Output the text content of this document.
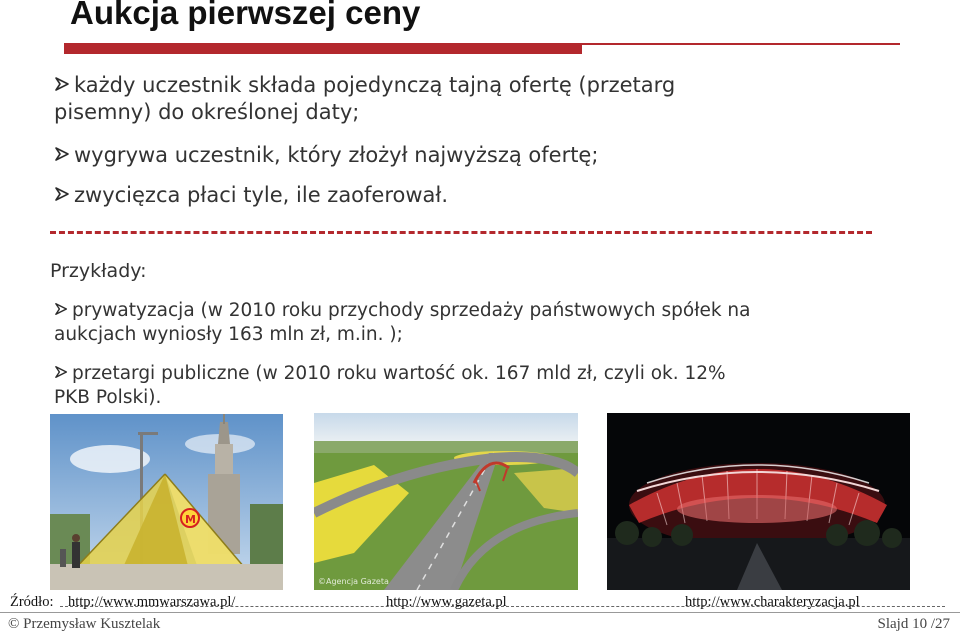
Aukcja pierwszej ceny
każdy uczestnik składa pojedynczą tajną ofertę (przetarg
pisemny) do określonej daty;
wygrywa uczestnik, który złożył najwyższą ofertę;
zwycięzca płaci tyle, ile zaoferował.
Przykłady:
prywatyzacja (w 2010 roku przychody sprzedaży państwowych spółek na
aukcjach wyniosły 163 mln zł, m.in. );
przetargi publiczne (w 2010 roku wartość ok. 167 mld zł, czyli ok. 12%
PKB Polski).
M
©Agencja Gazeta
Źródło: http://www.mmwarszawa.pl/	http://www.gazeta.pl	http://www.charakteryzacja.pl
© Przemysław Kusztelak	Slajd 10 /27
